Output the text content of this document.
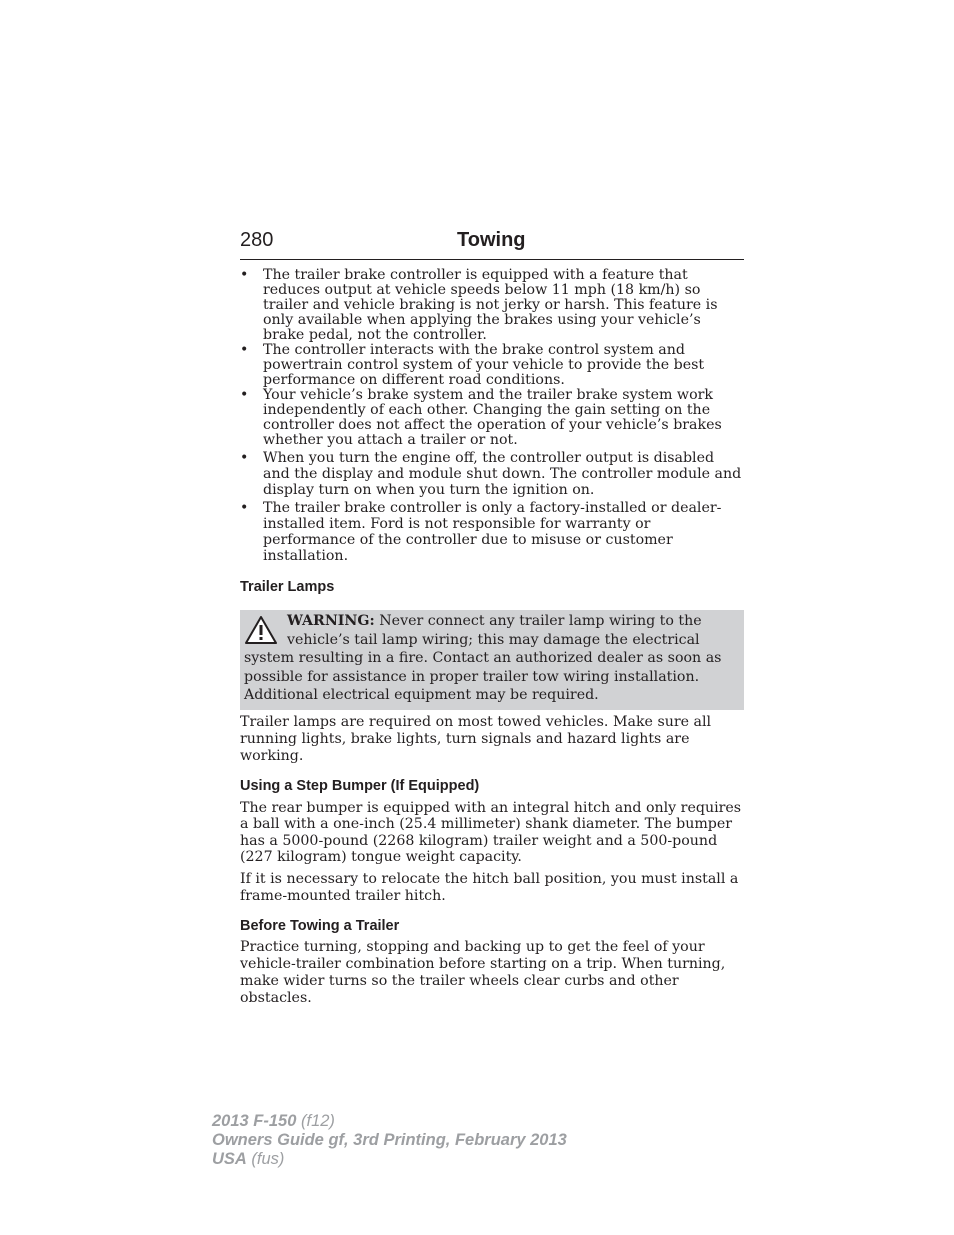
280	Towing
• The trailer brake controller is equipped with a feature that reduces output at vehicle speeds below 11 mph (18 km/h) so trailer and vehicle braking is not jerky or harsh. This feature is only available when applying the brakes using your vehicle’s brake pedal, not the controller.
• The controller interacts with the brake control system and powertrain control system of your vehicle to provide the best performance on different road conditions.
• Your vehicle’s brake system and the trailer brake system work independently of each other. Changing the gain setting on the controller does not affect the operation of your vehicle’s brakes whether you attach a trailer or not.
• When you turn the engine off, the controller output is disabled and the display and module shut down. The controller module and display turn on when you turn the ignition on.
• The trailer brake controller is only a factory-installed or dealer-installed item. Ford is not responsible for warranty or performance of the controller due to misuse or customer installation.
Trailer Lamps
WARNING: Never connect any trailer lamp wiring to the vehicle’s tail lamp wiring; this may damage the electrical system resulting in a fire. Contact an authorized dealer as soon as possible for assistance in proper trailer tow wiring installation. Additional electrical equipment may be required.

Trailer lamps are required on most towed vehicles. Make sure all running lights, brake lights, turn signals and hazard lights are working.

Using a Step Bumper (If Equipped)

The rear bumper is equipped with an integral hitch and only requires a ball with a one-inch (25.4 millimeter) shank diameter. The bumper has a 5000-pound (2268 kilogram) trailer weight and a 500-pound (227 kilogram) tongue weight capacity.

If it is necessary to relocate the hitch ball position, you must install a frame-mounted trailer hitch.

Before Towing a Trailer

Practice turning, stopping and backing up to get the feel of your vehicle-trailer combination before starting on a trip. When turning, make wider turns so the trailer wheels clear curbs and other obstacles.

2013 F-150 (f12)
Owners Guide gf, 3rd Printing, February 2013
USA (fus)
